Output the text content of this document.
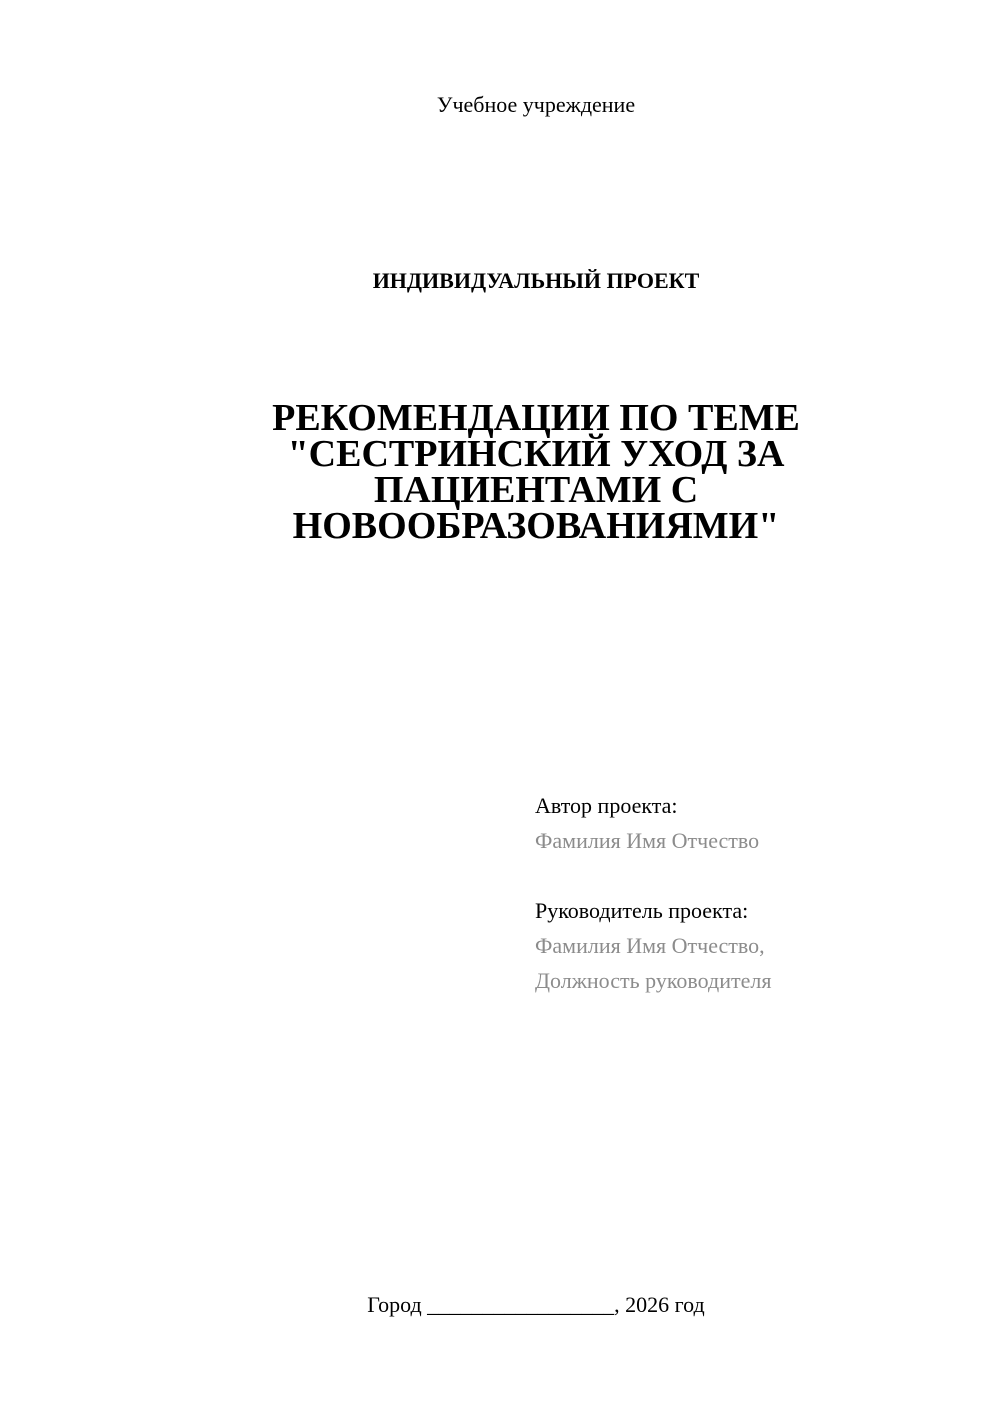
Учебное учреждение
ИНДИВИДУАЛЬНЫЙ ПРОЕКТ
РЕКОМЕНДАЦИИ ПО ТЕМЕ
"СЕСТРИНСКИЙ УХОД ЗА
ПАЦИЕНТАМИ С
НОВООБРАЗОВАНИЯМИ"
Автор проекта:
Фамилия Имя Отчество
Руководитель проекта:
Фамилия Имя Отчество,
Должность руководителя
Город _________________, 2026 год
